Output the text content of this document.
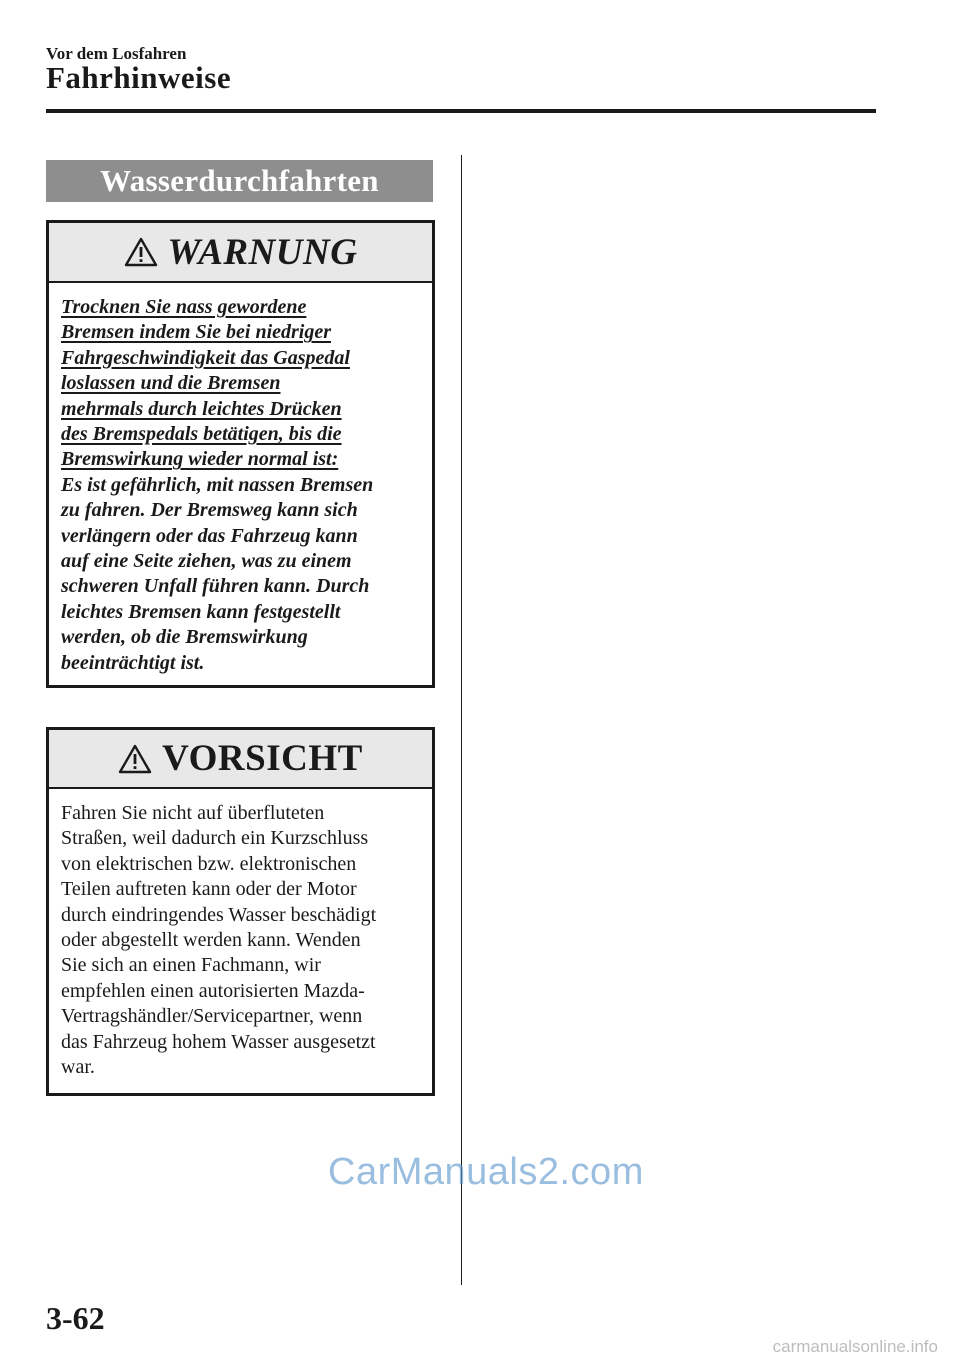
Vor dem Losfahren
Fahrhinweise
Wasserdurchfahrten
WARNUNG
Trocknen Sie nass gewordene
Bremsen indem Sie bei niedriger
Fahrgeschwindigkeit das Gaspedal
loslassen und die Bremsen
mehrmals durch leichtes Drücken
des Bremspedals betätigen, bis die
Bremswirkung wieder normal ist:
Es ist gefährlich, mit nassen Bremsen
zu fahren. Der Bremsweg kann sich
verlängern oder das Fahrzeug kann
auf eine Seite ziehen, was zu einem
schweren Unfall führen kann. Durch
leichtes Bremsen kann festgestellt
werden, ob die Bremswirkung
beeinträchtigt ist.
VORSICHT
Fahren Sie nicht auf überfluteten
Straßen, weil dadurch ein Kurzschluss
von elektrischen bzw. elektronischen
Teilen auftreten kann oder der Motor
durch eindringendes Wasser beschädigt
oder abgestellt werden kann. Wenden
Sie sich an einen Fachmann, wir
empfehlen einen autorisierten Mazda-
Vertragshändler/Servicepartner, wenn
das Fahrzeug hohem Wasser ausgesetzt
war.
CarManuals2.com
3-62
carmanualsonline.info
